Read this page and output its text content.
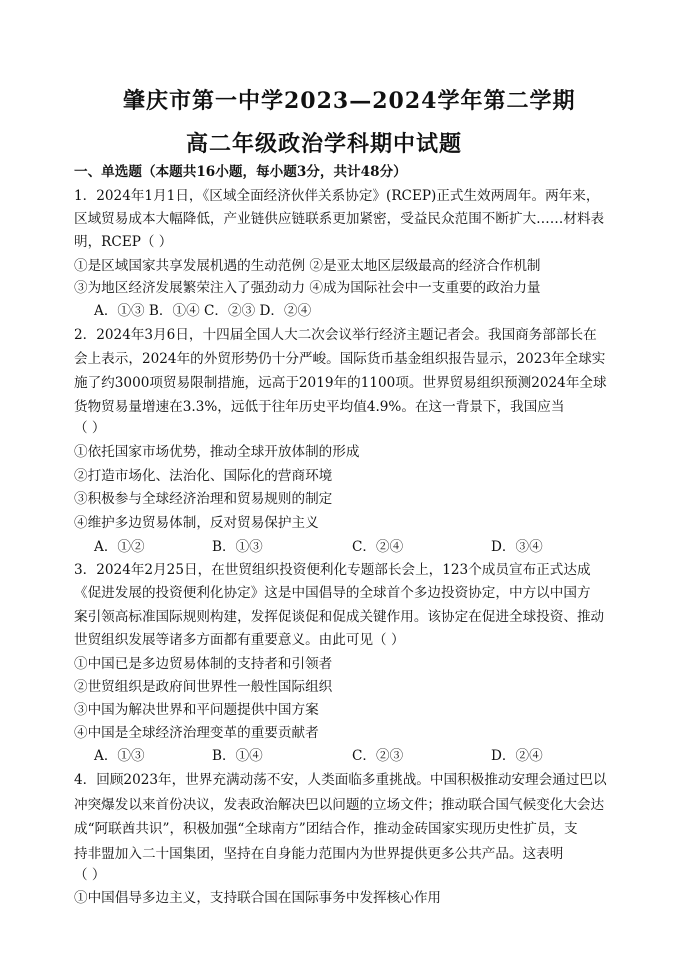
肇庆市第一中学2023—2024学年第二学期
高二年级政治学科期中试题
一、单选题（本题共16小题，每小题3分，共计48分）
1．2024年1月1日，《区域全面经济伙伴关系协定》(RCEP)正式生效两周年。两年来，
区域贸易成本大幅降低，产业链供应链联系更加紧密，受益民众范围不断扩大……材料表
明，RCEP（ ）
①是区域国家共享发展机遇的生动范例 ②是亚太地区层级最高的经济合作机制
③为地区经济发展繁荣注入了强劲动力 ④成为国际社会中一支重要的政治力量
A．①③ B．①④ C．②③ D．②④
2．2024年3月6日，十四届全国人大二次会议举行经济主题记者会。我国商务部部长在
会上表示，2024年的外贸形势仍十分严峻。国际货币基金组织报告显示，2023年全球实
施了约3000项贸易限制措施，远高于2019年的1100项。世界贸易组织预测2024年全球
货物贸易量增速在3.3%，远低于往年历史平均值4.9%。在这一背景下，我国应当
（ ）
①依托国家市场优势，推动全球开放体制的形成
②打造市场化、法治化、国际化的营商环境
③积极参与全球经济治理和贸易规则的制定
④维护多边贸易体制，反对贸易保护主义
A．①②	B．①③	C．②④	D．③④
3．2024年2月25日，在世贸组织投资便利化专题部长会上，123个成员宣布正式达成
《促进发展的投资便利化协定》这是中国倡导的全球首个多边投资协定，中方以中国方
案引领高标准国际规则构建，发挥促谈促和促成关键作用。该协定在促进全球投资、推动
世贸组织发展等诸多方面都有重要意义。由此可见（ ）
①中国已是多边贸易体制的支持者和引领者
②世贸组织是政府间世界性一般性国际组织
③中国为解决世界和平问题提供中国方案
④中国是全球经济治理变革的重要贡献者
A．①③	B．①④	C．②③	D．②④
4．回顾2023年，世界充满动荡不安，人类面临多重挑战。中国积极推动安理会通过巴以
冲突爆发以来首份决议，发表政治解决巴以问题的立场文件；推动联合国气候变化大会达
成“阿联酋共识”，积极加强“全球南方”团结合作，推动金砖国家实现历史性扩员，支
持非盟加入二十国集团，坚持在自身能力范围内为世界提供更多公共产品。这表明
（ ）
①中国倡导多边主义，支持联合国在国际事务中发挥核心作用
